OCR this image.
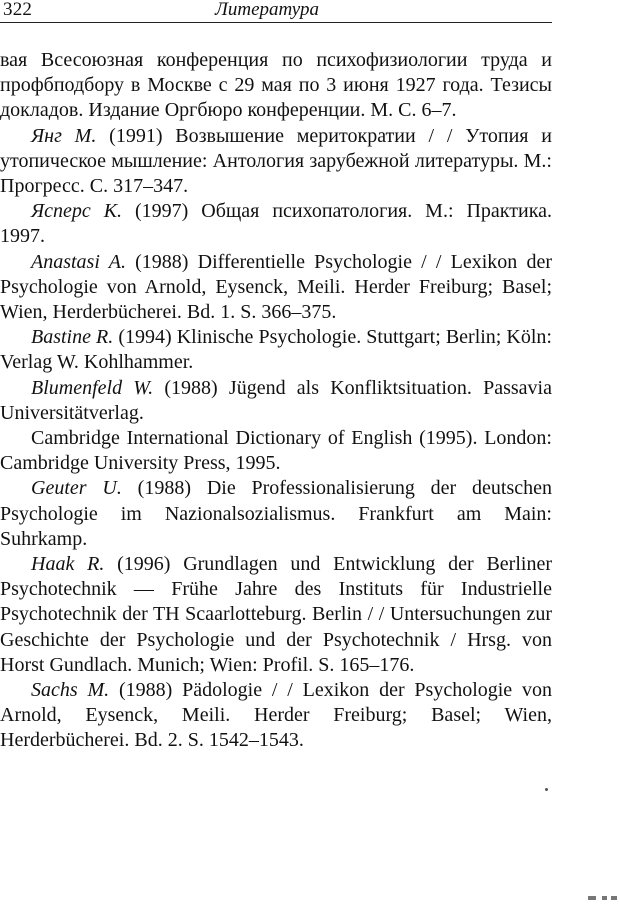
322	Литература

вая Всесоюзная конференция по психофизиологии труда и профбподбору в Москве с 29 мая по 3 июня 1927 года. Тезисы докладов. Издание Оргбюро конференции. М. С. 6–7.

Янг М. (1991) Возвышение меритократии / / Утопия и утопическое мышление: Антология зарубежной литературы. М.: Прогресс. С. 317–347.

Ясперс К. (1997) Общая психопатология. М.: Практика. 1997.

Anastasi A. (1988) Differentielle Psychologie / / Lexikon der Psychologie von Arnold, Eysenck, Meili. Herder Freiburg; Basel; Wien, Herderbücherei. Bd. 1. S. 366–375.

Bastine R. (1994) Klinische Psychologie. Stuttgart; Berlin; Köln: Verlag W. Kohlhammer.

Blumenfeld W. (1988) Jügend als Konfliktsituation. Passavia Universitätverlag.

Cambridge International Dictionary of English (1995). London: Cambridge University Press, 1995.

Geuter U. (1988) Die Professionalisierung der deutschen Psychologie im Nazionalsozialismus. Frankfurt am Main: Suhrkamp.

Haak R. (1996) Grundlagen und Entwicklung der Berliner Psychotechnik — Frühe Jahre des Instituts für Industrielle Psychotechnik der TH Scaarlotteburg. Berlin / / Untersuchungen zur Geschichte der Psychologie und der Psychotechnik / Hrsg. von Horst Gundlach. Munich; Wien: Profil. S. 165–176.

Sachs M. (1988) Pädologie / / Lexikon der Psychologie von Arnold, Eysenck, Meili. Herder Freiburg; Basel; Wien, Herderbücherei. Bd. 2. S. 1542–1543.
